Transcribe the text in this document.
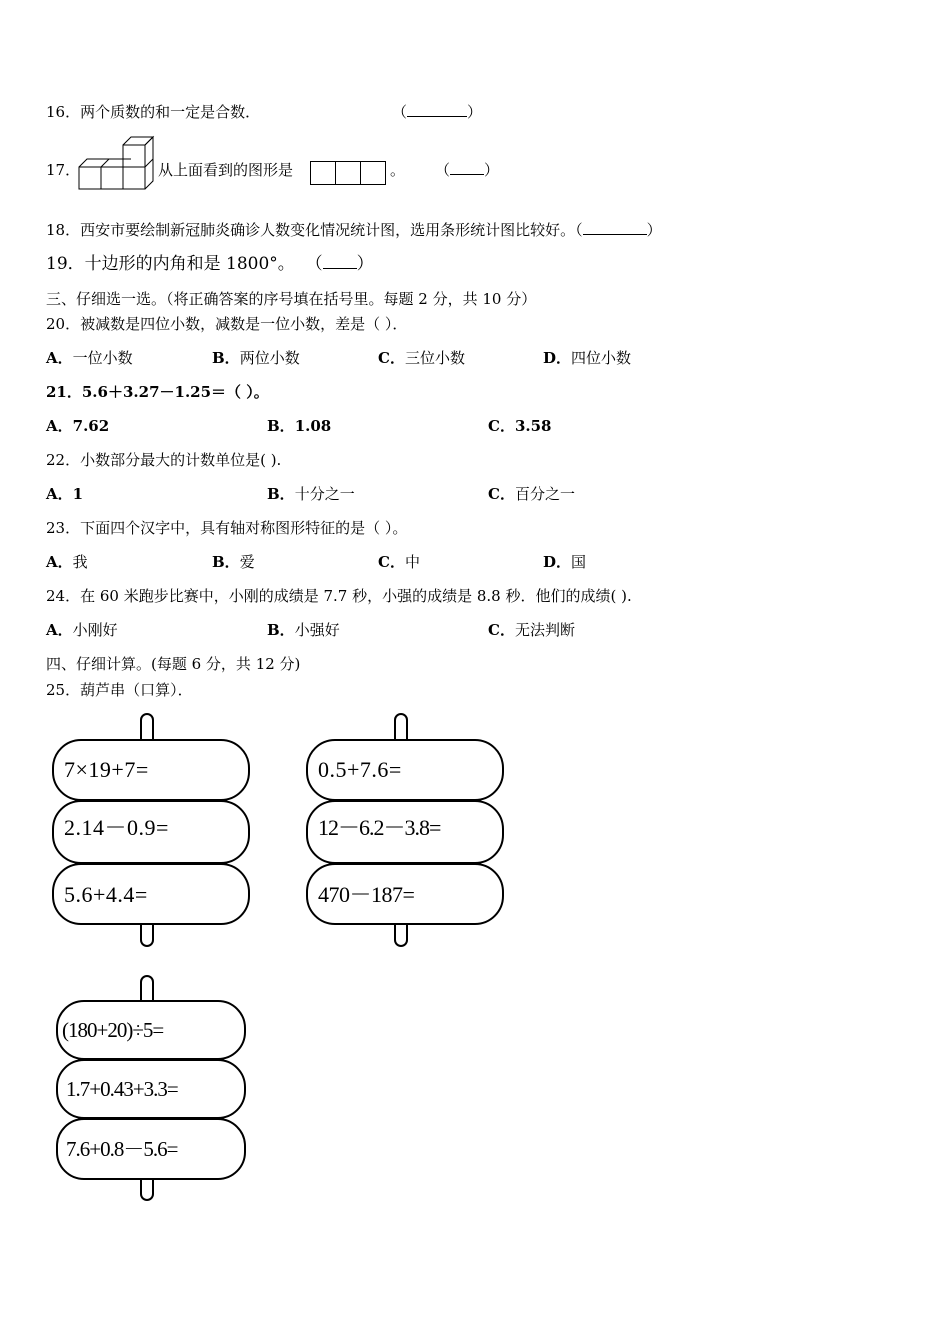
16．两个质数的和一定是合数．	（	）
17．	从上面看到的图形是	。 （ ）
18．西安市要绘制新冠肺炎确诊人数变化情况统计图，选用条形统计图比较好。（	）
19．十边形的内角和是 1800°。 （ ）
三、仔细选一选。（将正确答案的序号填在括号里。每题 2 分，共 10 分）
20．被减数是四位小数，减数是一位小数，差是（ ）．
A．一位小数	B．两位小数	C．三位小数	D．四位小数
21．5.6＋3.27－1.25＝（ ）。
A．7.62	B．1.08	C．3.58
22．小数部分最大的计数单位是( ).
A．1	B．十分之一	C．百分之一
23．下面四个汉字中，具有轴对称图形特征的是（ ）。
A．我	B．爱	C．中	D．国
24．在 60 米跑步比赛中，小刚的成绩是 7.7 秒，小强的成绩是 8.8 秒．他们的成绩( ).
A．小刚好	B．小强好	C．无法判断
四、仔细计算。(每题 6 分，共 12 分)
25．葫芦串（口算）．
7×19+7=
2.14－0.9=
5.6+4.4=
0.5+7.6=
12－6.2－3.8=
470－187=
(180+20)÷5=
1.7+0.43+3.3=
7.6+0.8－5.6=
